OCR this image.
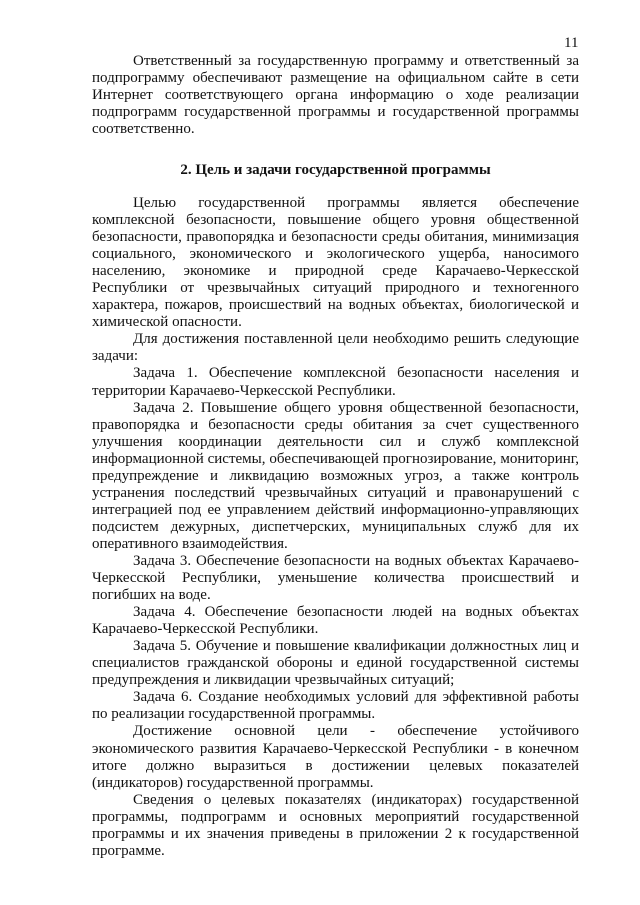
11

Ответственный за государственную программу и ответственный за подпрограмму обеспечивают размещение на официальном сайте в сети Интернет соответствующего органа информацию о ходе реализации подпрограмм государственной программы и государственной программы соответственно.

2. Цель и задачи государственной программы

Целью государственной программы является обеспечение комплексной безопасности, повышение общего уровня общественной безопасности, правопорядка и безопасности среды обитания, минимизация социального, экономического и экологического ущерба, наносимого населению, экономике и природной среде Карачаево-Черкесской Республики от чрезвычайных ситуаций природного и техногенного характера, пожаров, происшествий на водных объектах, биологической и химической опасности.

Для достижения поставленной цели необходимо решить следующие задачи:

Задача 1. Обеспечение комплексной безопасности населения и территории Карачаево-Черкесской Республики.

Задача 2. Повышение общего уровня общественной безопасности, правопорядка и безопасности среды обитания за счет существенного улучшения координации деятельности сил и служб комплексной информационной системы, обеспечивающей прогнозирование, мониторинг, предупреждение и ликвидацию возможных угроз, а также контроль устранения последствий чрезвычайных ситуаций и правонарушений с интеграцией под ее управлением действий информационно-управляющих подсистем дежурных, диспетчерских, муниципальных служб для их оперативного взаимодействия.

Задача 3. Обеспечение безопасности на водных объектах Карачаево-Черкесской Республики, уменьшение количества происшествий и погибших на воде.

Задача 4. Обеспечение безопасности людей на водных объектах Карачаево-Черкесской Республики.

Задача 5. Обучение и повышение квалификации должностных лиц и специалистов гражданской обороны и единой государственной системы предупреждения и ликвидации чрезвычайных ситуаций;

Задача 6. Создание необходимых условий для эффективной работы по реализации государственной программы.

Достижение основной цели - обеспечение устойчивого экономического развития Карачаево-Черкесской Республики - в конечном итоге должно выразиться в достижении целевых показателей (индикаторов) государственной программы.

Сведения о целевых показателях (индикаторах) государственной программы, подпрограмм и основных мероприятий государственной программы и их значения приведены в приложении 2 к государственной программе.
